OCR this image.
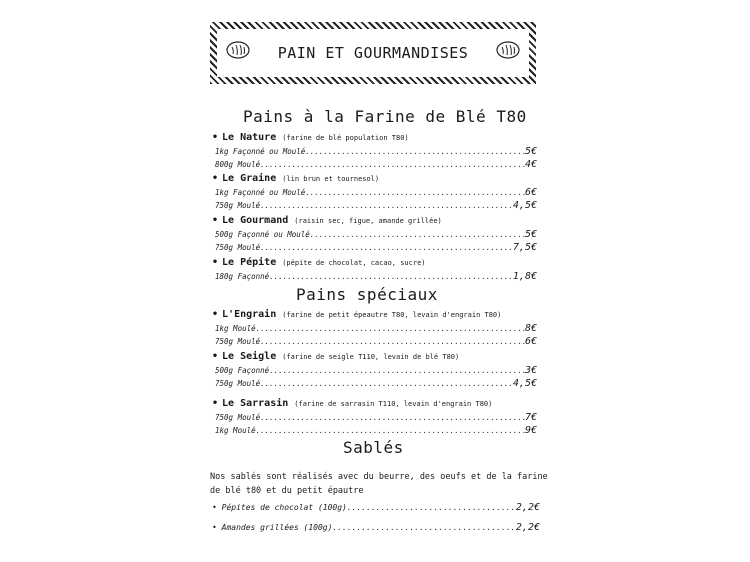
PAIN ET GOURMANDISES
Pains à la Farine de Blé T80
Pains spéciaux
Sablés
• Le Nature (farine de blé population T80)
1kg Façonné ou Moulé .....	5€
800g Moulé .....	4€
• Le Graine (lin brun et tournesol)
1kg Façonné ou Moulé .....	6€
750g Moulé .....	4,5€
• Le Gourmand (raisin sec, figue, amande grillée)
500g Façonné ou Moulé .....	5€
750g Moulé .....	7,5€
• Le Pépite (pépite de chocolat, cacao, sucre)
180g Façonné .....	1,8€
• L'Engrain (farine de petit épeautre T80, levain d'engrain T80)
1kg Moulé .....	8€
750g Moulé .....	6€
• Le Seigle (farine de seigle T110, levain de blé T80)
500g Façonné .....	3€
750g Moulé .....	4,5€
• Le Sarrasin (farine de sarrasin T110, levain d'engrain T80)
750g Moulé .....	7€
1kg Moulé .....	9€
Nos sablés sont réalisés avec du beurre, des oeufs et de la farine de blé t80 et du petit épautre
• Pépites de chocolat (100g) .....	2,2€
• Amandes grillées (100g) .....	2,2€
